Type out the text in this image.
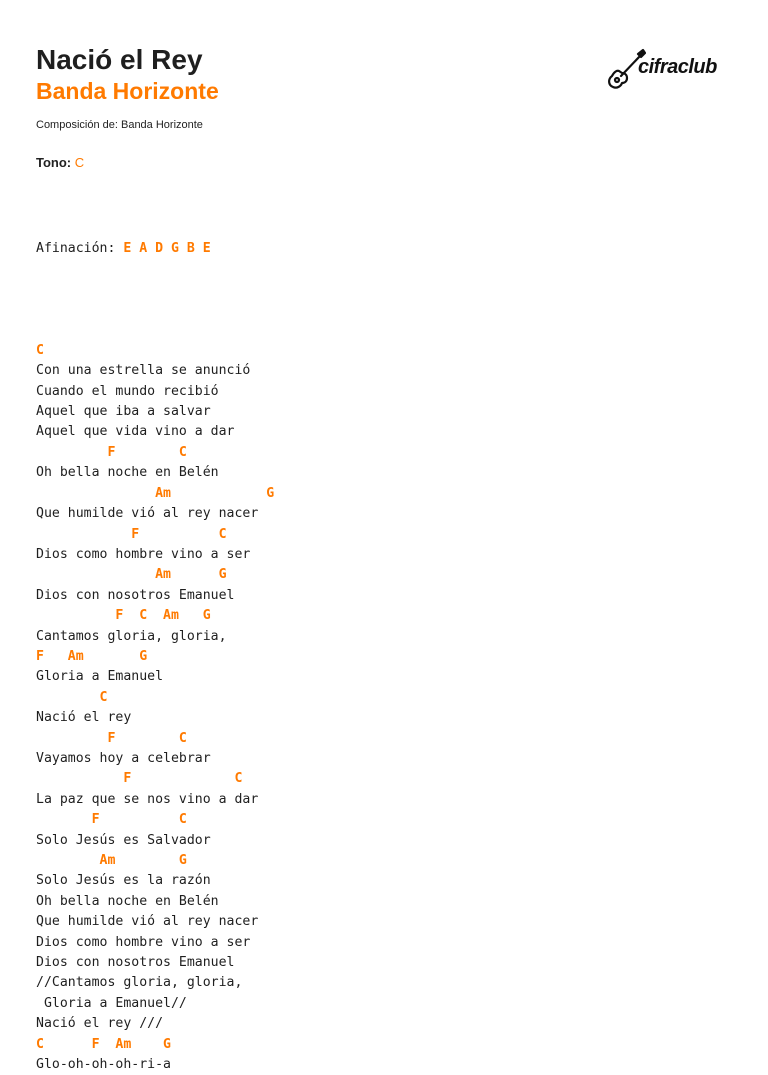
Nació el Rey
Banda Horizonte
Composición de: Banda Horizonte
Tono: C
cifraclub

Afinación: E A D G B E

C
Con una estrella se anunció
Cuando el mundo recibió
Aquel que iba a salvar
Aquel que vida vino a dar
F        C
Oh bella noche en Belén
Am            G
Que humilde vió al rey nacer
F          C
Dios como hombre vino a ser
Am      G
Dios con nosotros Emanuel
F  C  Am   G
Cantamos gloria, gloria,
F   Am       G
Gloria a Emanuel
C
Nació el rey
F        C
Vayamos hoy a celebrar
F             C
La paz que se nos vino a dar
F          C
Solo Jesús es Salvador
Am        G
Solo Jesús es la razón
Oh bella noche en Belén
Que humilde vió al rey nacer
Dios como hombre vino a ser
Dios con nosotros Emanuel
//Cantamos gloria, gloria,
Gloria a Emanuel//
Nació el rey ///
C      F  Am    G
Glo-oh-oh-oh-ri-a
